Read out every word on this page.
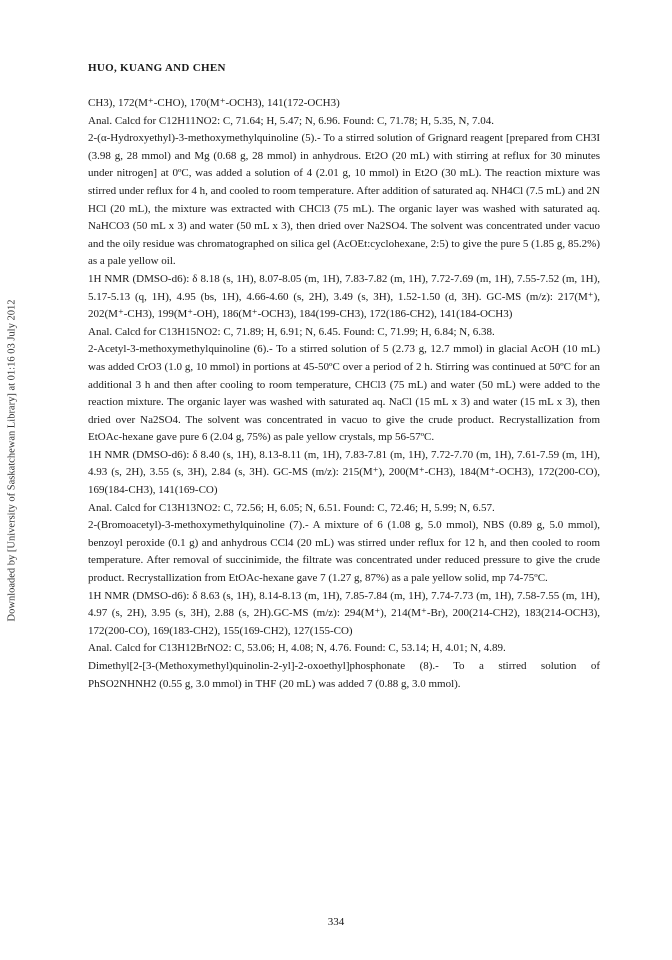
Downloaded by [University of Saskatchewan Library] at 01:16 03 July 2012
HUO, KUANG AND CHEN

CH3), 172(M⁺-CHO), 170(M⁺-OCH3), 141(172-OCH3)

Anal. Calcd for C12H11NO2: C, 71.64; H, 5.47; N, 6.96. Found: C, 71.78; H, 5.35, N, 7.04.

2-(α-Hydroxyethyl)-3-methoxymethylquinoline (5).- To a stirred solution of Grignard reagent [prepared from CH3I (3.98 g, 28 mmol) and Mg (0.68 g, 28 mmol) in anhydrous. Et2O (20 mL) with stirring at reflux for 30 minutes under nitrogen] at 0ºC, was added a solution of 4 (2.01 g, 10 mmol) in Et2O (30 mL). The reaction mixture was stirred under reflux for 4 h, and cooled to room temperature. After addition of saturated aq. NH4Cl (7.5 mL) and 2N HCl (20 mL), the mixture was extracted with CHCl3 (75 mL). The organic layer was washed with saturated aq. NaHCO3 (50 mL x 3) and water (50 mL x 3), then dried over Na2SO4. The solvent was concentrated under vacuo and the oily residue was chromatographed on silica gel (AcOEt:cyclohexane, 2:5) to give the pure 5 (1.85 g, 85.2%) as a pale yellow oil.

1H NMR (DMSO-d6): δ 8.18 (s, 1H), 8.07-8.05 (m, 1H), 7.83-7.82 (m, 1H), 7.72-7.69 (m, 1H), 7.55-7.52 (m, 1H), 5.17-5.13 (q, 1H), 4.95 (bs, 1H), 4.66-4.60 (s, 2H), 3.49 (s, 3H), 1.52-1.50 (d, 3H). GC-MS (m/z): 217(M⁺), 202(M⁺-CH3), 199(M⁺-OH), 186(M⁺-OCH3), 184(199-CH3), 172(186-CH2), 141(184-OCH3)

Anal. Calcd for C13H15NO2: C, 71.89; H, 6.91; N, 6.45. Found: C, 71.99; H, 6.84; N, 6.38.

2-Acetyl-3-methoxymethylquinoline (6).- To a stirred solution of 5 (2.73 g, 12.7 mmol) in glacial AcOH (10 mL) was added CrO3 (1.0 g, 10 mmol) in portions at 45-50ºC over a period of 2 h. Stirring was continued at 50ºC for an additional 3 h and then after cooling to room temperature, CHCl3 (75 mL) and water (50 mL) were added to the reaction mixture. The organic layer was washed with saturated aq. NaCl (15 mL x 3) and water (15 mL x 3), then dried over Na2SO4. The solvent was concentrated in vacuo to give the crude product. Recrystallization from EtOAc-hexane gave pure 6 (2.04 g, 75%) as pale yellow crystals, mp 56-57ºC.

1H NMR (DMSO-d6): δ 8.40 (s, 1H), 8.13-8.11 (m, 1H), 7.83-7.81 (m, 1H), 7.72-7.70 (m, 1H), 7.61-7.59 (m, 1H), 4.93 (s, 2H), 3.55 (s, 3H), 2.84 (s, 3H). GC-MS (m/z): 215(M⁺), 200(M⁺-CH3), 184(M⁺-OCH3), 172(200-CO), 169(184-CH3), 141(169-CO)

Anal. Calcd for C13H13NO2: C, 72.56; H, 6.05; N, 6.51. Found: C, 72.46; H, 5.99; N, 6.57.

2-(Bromoacetyl)-3-methoxymethylquinoline (7).- A mixture of 6 (1.08 g, 5.0 mmol), NBS (0.89 g, 5.0 mmol), benzoyl peroxide (0.1 g) and anhydrous CCl4 (20 mL) was stirred under reflux for 12 h, and then cooled to room temperature. After removal of succinimide, the filtrate was concentrated under reduced pressure to give the crude product. Recrystallization from EtOAc-hexane gave 7 (1.27 g, 87%) as a pale yellow solid, mp 74-75ºC.

1H NMR (DMSO-d6): δ 8.63 (s, 1H), 8.14-8.13 (m, 1H), 7.85-7.84 (m, 1H), 7.74-7.73 (m, 1H), 7.58-7.55 (m, 1H), 4.97 (s, 2H), 3.95 (s, 3H), 2.88 (s, 2H).GC-MS (m/z): 294(M⁺), 214(M⁺-Br), 200(214-CH2), 183(214-OCH3), 172(200-CO), 169(183-CH2), 155(169-CH2), 127(155-CO)

Anal. Calcd for C13H12BrNO2: C, 53.06; H, 4.08; N, 4.76. Found: C, 53.14; H, 4.01; N, 4.89.

Dimethyl[2-[3-(Methoxymethyl)quinolin-2-yl]-2-oxoethyl]phosphonate (8).- To a stirred solution of PhSO2NHNH2 (0.55 g, 3.0 mmol) in THF (20 mL) was added 7 (0.88 g, 3.0 mmol).

334
